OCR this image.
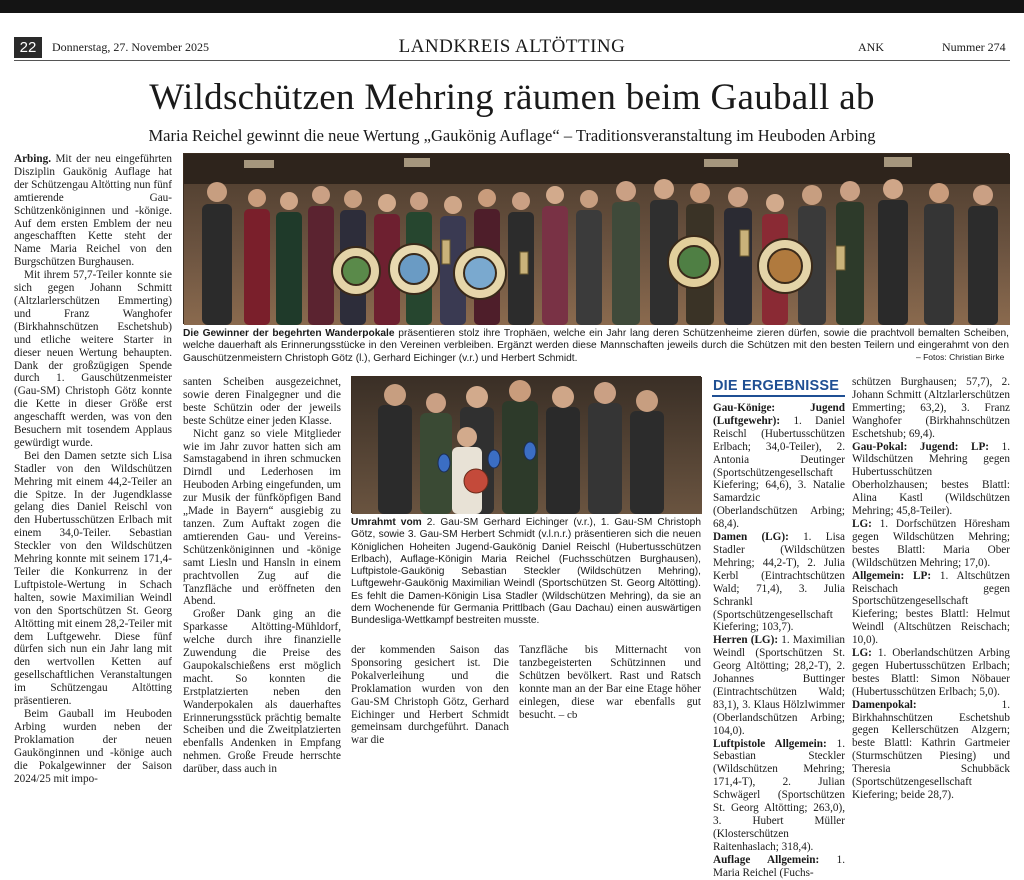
22	Donnerstag, 27. November 2025	LANDKREIS ALTÖTTING	ANK	Nummer 274
Wildschützen Mehring räumen beim Gauball ab
Maria Reichel gewinnt die neue Wertung „Gaukönig Auflage“ – Traditionsveranstaltung im Heuboden Arbing

Arbing. Mit der neu eingeführten Disziplin Gaukönig Auflage hat der Schützengau Altötting nun fünf amtierende Gau-Schützenköniginnen und -könige. Auf dem ersten Emblem der neu angeschafften Kette steht der Name Maria Reichel von den Burgschützen Burghausen.

Mit ihrem 57,7-Teiler konnte sie sich gegen Johann Schmitt (Altzlarlerschützen Emmerting) und Franz Wanghofer (Birkhahnschützen Eschetshub) und etliche weitere Starter in dieser neuen Wertung behaupten. Dank der großzügigen Spende durch 1. Gauschützenmeister (Gau-SM) Christoph Götz konnte die Kette in dieser Größe erst angeschafft werden, was von den Besuchern mit tosendem Applaus gewürdigt wurde.

Bei den Damen setzte sich Lisa Stadler von den Wildschützen Mehring mit einem 44,2-Teiler an die Spitze. In der Jugendklasse gelang dies Daniel Reischl von den Hubertusschützen Erlbach mit einem 34,0-Teiler. Sebastian Steckler von den Wildschützen Mehring konnte mit seinem 171,4-Teiler die Konkurrenz in der Luftpistole-Wertung in Schach halten, sowie Maximilian Weindl von den Sportschützen St. Georg Altötting mit einem 28,2-Teiler mit dem Luftgewehr. Diese fünf dürfen sich nun ein Jahr lang mit den wertvollen Ketten auf gesellschaftlichen Veranstaltungen im Schützengau Altötting präsentieren.

Beim Gauball im Heuboden Arbing wurden neben der Proklamation der neuen Gaukönginnen und -könige auch die Pokalgewinner der Saison 2024/25 mit impo-

Die Gewinner der begehrten Wanderpokale präsentieren stolz ihre Trophäen, welche ein Jahr lang deren Schützenheime zieren dürfen, sowie die prachtvoll bemalten Scheiben, welche dauerhaft als Erinnerungsstücke in den Vereinen verbleiben. Ergänzt werden diese Mannschaften jeweils durch die Schützen mit den besten Teilern und eingerahmt von den Gauschützenmeistern Christoph Götz (l.), Gerhard Eichinger (v.r.) und Herbert Schmidt.	– Fotos: Christian Birke

santen Scheiben ausgezeichnet, sowie deren Finalgegner und die beste Schützin oder der jeweils beste Schütze einer jeden Klasse.

Nicht ganz so viele Mitglieder wie im Jahr zuvor hatten sich am Samstagabend in ihren schmucken Dirndl und Lederhosen im Heuboden Arbing eingefunden, um zur Musik der fünfköpfigen Band „Made in Bayern“ ausgiebig zu tanzen. Zum Auftakt zogen die amtierenden Gau- und Vereins-Schützenköniginnen und -könige samt Liesln und Hansln in einem prachtvollen Zug auf die Tanzfläche und eröffneten den Abend.

Großer Dank ging an die Sparkasse Altötting-Mühldorf, welche durch ihre finanzielle Zuwendung die Preise des Gaupokalschießens erst möglich macht. So konnten die Erstplatzierten neben den Wanderpokalen als dauerhaftes Erinnerungsstück prächtig bemalte Scheiben und die Zweitplatzierten ebenfalls Andenken in Empfang nehmen. Große Freude herrschte darüber, dass auch in

Umrahmt vom 2. Gau-SM Gerhard Eichinger (v.r.), 1. Gau-SM Christoph Götz, sowie 3. Gau-SM Herbert Schmidt (v.l.n.r.) präsentieren sich die neuen Königlichen Hoheiten Jugend-Gaukönig Daniel Reischl (Hubertusschützen Erlbach), Auflage-Königin Maria Reichel (Fuchsschützen Burghausen), Luftpistole-Gaukönig Sebastian Steckler (Wildschützen Mehring), Luftgewehr-Gaukönig Maximilian Weindl (Sportschützen St. Georg Altötting). Es fehlt die Damen-Königin Lisa Stadler (Wildschützen Mehring), da sie an dem Wochenende für Germania Prittlbach (Gau Dachau) einen auswärtigen Bundesliga-Wettkampf bestreiten musste.

der kommenden Saison das Sponsoring gesichert ist. Die Pokalverleihung und die Proklamation wurden von den Gau-SM Christoph Götz, Gerhard Eichinger und Herbert Schmidt gemeinsam durchgeführt. Danach war die

Tanzfläche bis Mitternacht von tanzbegeisterten Schützinnen und Schützen bevölkert. Rast und Ratsch konnte man an der Bar eine Etage höher einlegen, diese war ebenfalls gut besucht. – cb

DIE ERGEBNISSE

Gau-Könige: Jugend (Luftgewehr): 1. Daniel Reischl (Hubertusschützen Erlbach; 34,0-Teiler), 2. Antonia Deutinger (Sportschützengesellschaft Kiefering; 64,6), 3. Natalie Samardzic (Oberlandschützen Arbing; 68,4).

Damen (LG): 1. Lisa Stadler (Wildschützen Mehring; 44,2-T), 2. Julia Kerbl (Eintrachtschützen Wald; 71,4), 3. Julia Schrankl (Sportschützengesellschaft Kiefering; 103,7).

Herren (LG): 1. Maximilian Weindl (Sportschützen St. Georg Altötting; 28,2-T), 2. Johannes Buttinger (Eintrachtschützen Wald; 83,1), 3. Klaus Hölzlwimmer (Oberlandschützen Arbing; 104,0).

Luftpistole Allgemein: 1. Sebastian Steckler (Wildschützen Mehring; 171,4-T), 2. Julian Schwägerl (Sportschützen St. Georg Altötting; 263,0), 3. Hubert Müller (Klosterschützen Raitenhaslach; 318,4).

Auflage Allgemein: 1. Maria Reichel (Fuchs-

schützen Burghausen; 57,7), 2. Johann Schmitt (Altzlarlerschützen Emmerting; 63,2), 3. Franz Wanghofer (Birkhahnschützen Eschetshub; 69,4).

Gau-Pokal: Jugend: LP: 1. Wildschützen Mehring gegen Hubertusschützen Oberholzhausen; bestes Blattl: Alina Kastl (Wildschützen Mehring; 45,8-Teiler).

LG: 1. Dorfschützen Höresham gegen Wildschützen Mehring; bestes Blattl: Maria Ober (Wildschützen Mehring; 17,0).

Allgemein: LP: 1. Altschützen Reischach gegen Sportschützengesellschaft Kiefering; bestes Blattl: Helmut Weindl (Altschützen Reischach; 10,0).

LG: 1. Oberlandschützen Arbing gegen Hubertusschützen Erlbach; bestes Blattl: Simon Nöbauer (Hubertusschützen Erlbach; 5,0).

Damenpokal: 1. Birkhahnschützen Eschetshub gegen Kellerschützen Alzgern; beste Blattl: Kathrin Gartmeier (Sturmschützen Piesing) und Theresia Schubbäck (Sportschützengesellschaft Kiefering; beide 28,7).
